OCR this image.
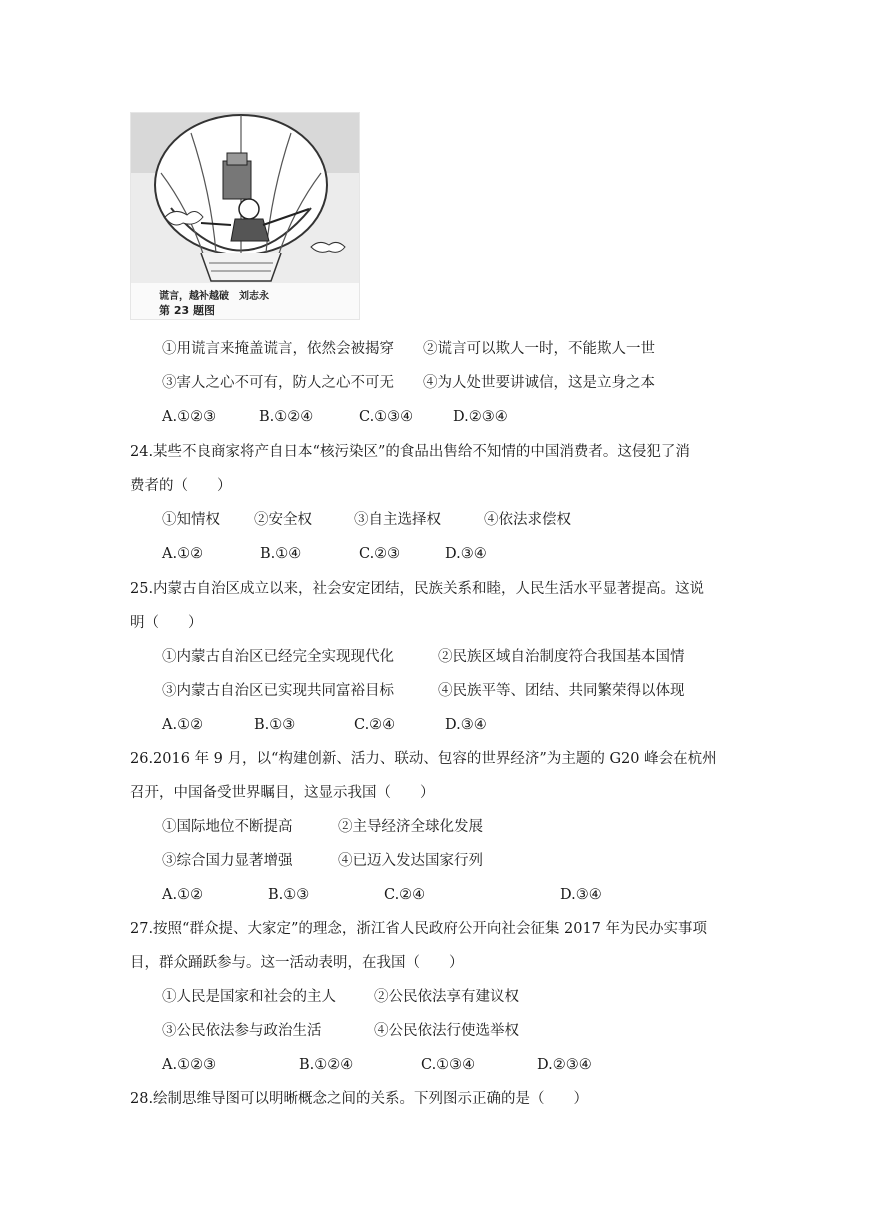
谎言，越补越破　刘志永
第 23 题图
①用谎言来掩盖谎言，依然会被揭穿 ②谎言可以欺人一时，不能欺人一世
③害人之心不可有，防人之心不可无 ④为人处世要讲诚信，这是立身之本
A.①②③	B.①②④	C.①③④	D.②③④
24.某些不良商家将产自日本“核污染区”的食品出售给不知情的中国消费者。这侵犯了消
费者的（　　）
①知情权 ②安全权	③自主选择权	④依法求偿权
A.①②	B.①④	C.②③	D.③④
25.内蒙古自治区成立以来，社会安定团结，民族关系和睦，人民生活水平显著提高。这说
明（　　）
①内蒙古自治区已经完全实现现代化	②民族区域自治制度符合我国基本国情
③内蒙古自治区已实现共同富裕目标	④民族平等、团结、共同繁荣得以体现
A.①②	B.①③	C.②④	D.③④
26.2016 年 9 月，以“构建创新、活力、联动、包容的世界经济”为主题的 G20 峰会在杭州
召开，中国备受世界瞩目，这显示我国（　　）
①国际地位不断提高	②主导经济全球化发展
③综合国力显著增强	④已迈入发达国家行列
A.①②	B.①③	C.②④	D.③④
27.按照“群众提、大家定”的理念，浙江省人民政府公开向社会征集 2017 年为民办实事项
目，群众踊跃参与。这一活动表明，在我国（　　）
①人民是国家和社会的主人	②公民依法享有建议权
③公民依法参与政治生活	④公民依法行使选举权
A.①②③	B.①②④	C.①③④	D.②③④
28.绘制思维导图可以明晰概念之间的关系。下列图示正确的是（　　）
